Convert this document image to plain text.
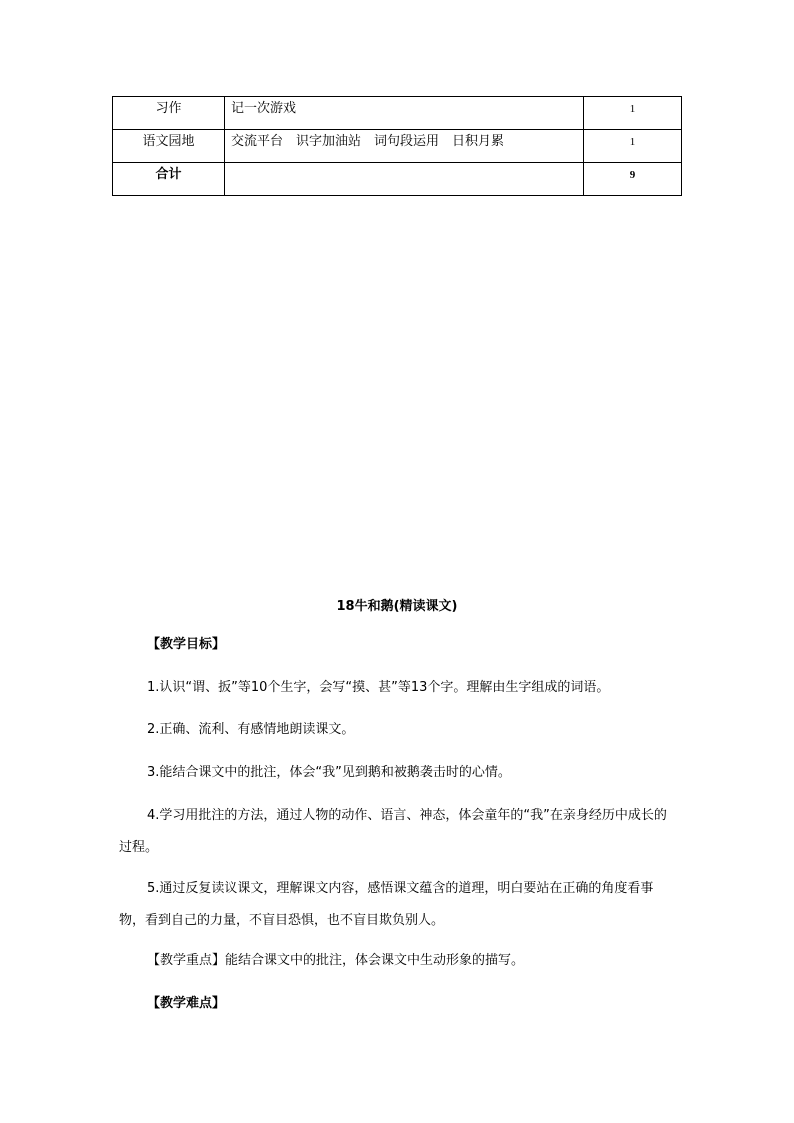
习作	记一次游戏	1
语文园地	交流平台　识字加油站　词句段运用　日积月累	1
合计		9
18牛和鹅(精读课文)

【教学目标】

1.认识“谓、扳”等10个生字，会写“摸、甚”等13个字。理解由生字组成的词语。

2.正确、流利、有感情地朗读课文。

3.能结合课文中的批注，体会“我”见到鹅和被鹅袭击时的心情。

4.学习用批注的方法，通过人物的动作、语言、神态，体会童年的“我”在亲身经历中成长的过程。

5.通过反复读议课文，理解课文内容，感悟课文蕴含的道理，明白要站在正确的角度看事物，看到自己的力量，不盲目恐惧，也不盲目欺负别人。

【教学重点】能结合课文中的批注，体会课文中生动形象的描写。

【教学难点】
